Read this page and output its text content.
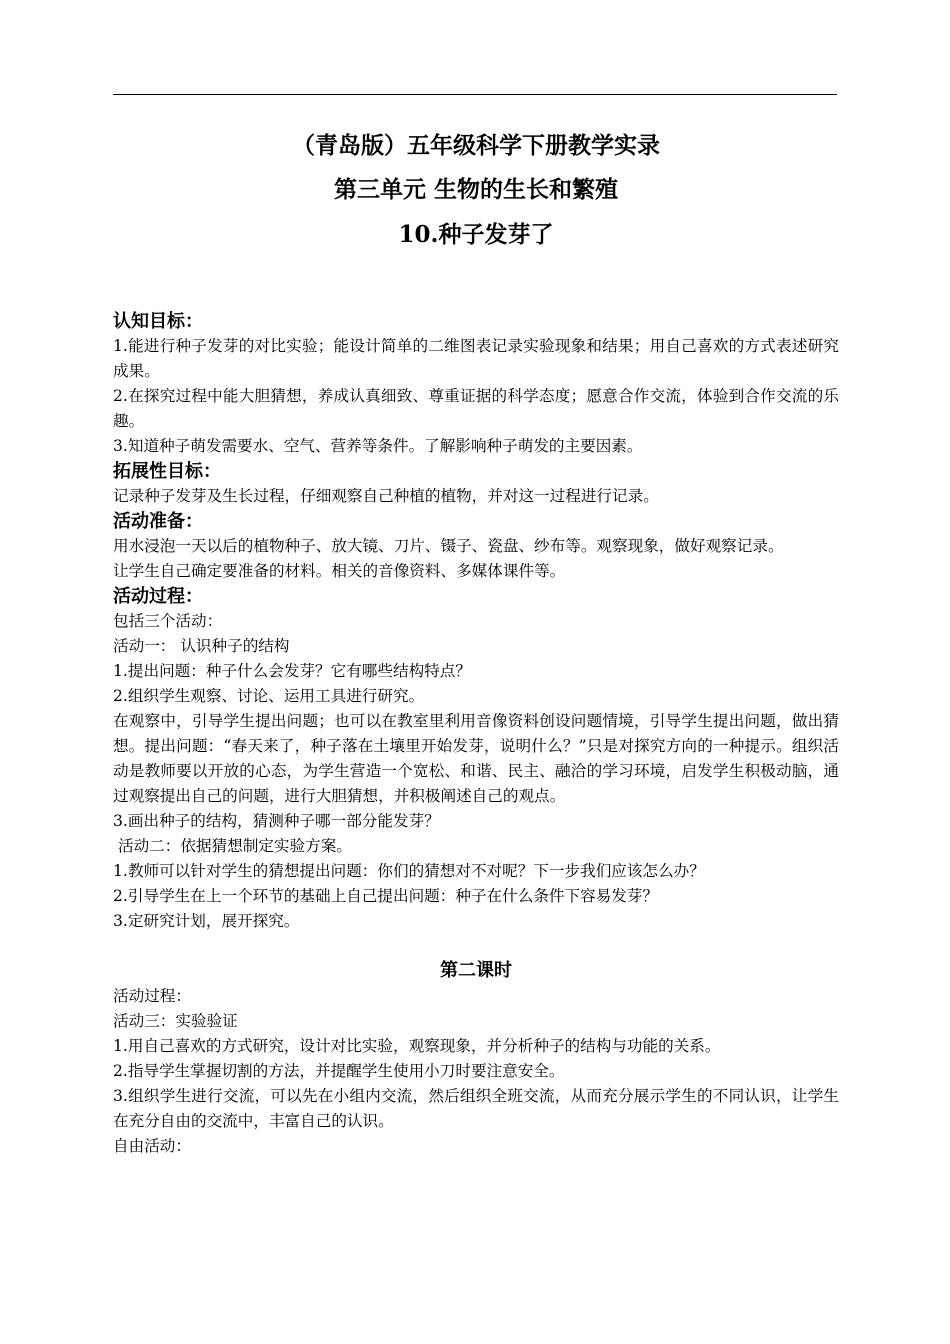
（青岛版）五年级科学下册教学实录

第三单元 生物的生长和繁殖

10.种子发芽了

认知目标：

1.能进行种子发芽的对比实验；能设计简单的二维图表记录实验现象和结果；用自己喜欢的方式表述研究成果。

2.在探究过程中能大胆猜想，养成认真细致、尊重证据的科学态度；愿意合作交流，体验到合作交流的乐趣。

3.知道种子萌发需要水、空气、营养等条件。了解影响种子萌发的主要因素。

拓展性目标：

记录种子发芽及生长过程，仔细观察自己种植的植物，并对这一过程进行记录。

活动准备：

用水浸泡一天以后的植物种子、放大镜、刀片、镊子、瓷盘、纱布等。观察现象，做好观察记录。

让学生自己确定要准备的材料。相关的音像资料、多媒体课件等。

活动过程：

包括三个活动：

活动一： 认识种子的结构

1.提出问题：种子什么会发芽？它有哪些结构特点？

2.组织学生观察、讨论、运用工具进行研究。

在观察中，引导学生提出问题；也可以在教室里利用音像资料创设问题情境，引导学生提出问题，做出猜想。提出问题：“春天来了，种子落在土壤里开始发芽，说明什么？”只是对探究方向的一种提示。组织活动是教师要以开放的心态，为学生营造一个宽松、和谐、民主、融洽的学习环境，启发学生积极动脑，通过观察提出自己的问题，进行大胆猜想，并积极阐述自己的观点。

3.画出种子的结构，猜测种子哪一部分能发芽？

活动二：依据猜想制定实验方案。

1.教师可以针对学生的猜想提出问题：你们的猜想对不对呢？下一步我们应该怎么办？

2.引导学生在上一个环节的基础上自己提出问题：种子在什么条件下容易发芽？

3.定研究计划，展开探究。

第二课时

活动过程：

活动三：实验验证

1.用自己喜欢的方式研究，设计对比实验，观察现象，并分析种子的结构与功能的关系。

2.指导学生掌握切割的方法，并提醒学生使用小刀时要注意安全。

3.组织学生进行交流，可以先在小组内交流，然后组织全班交流，从而充分展示学生的不同认识，让学生在充分自由的交流中，丰富自己的认识。

自由活动：
